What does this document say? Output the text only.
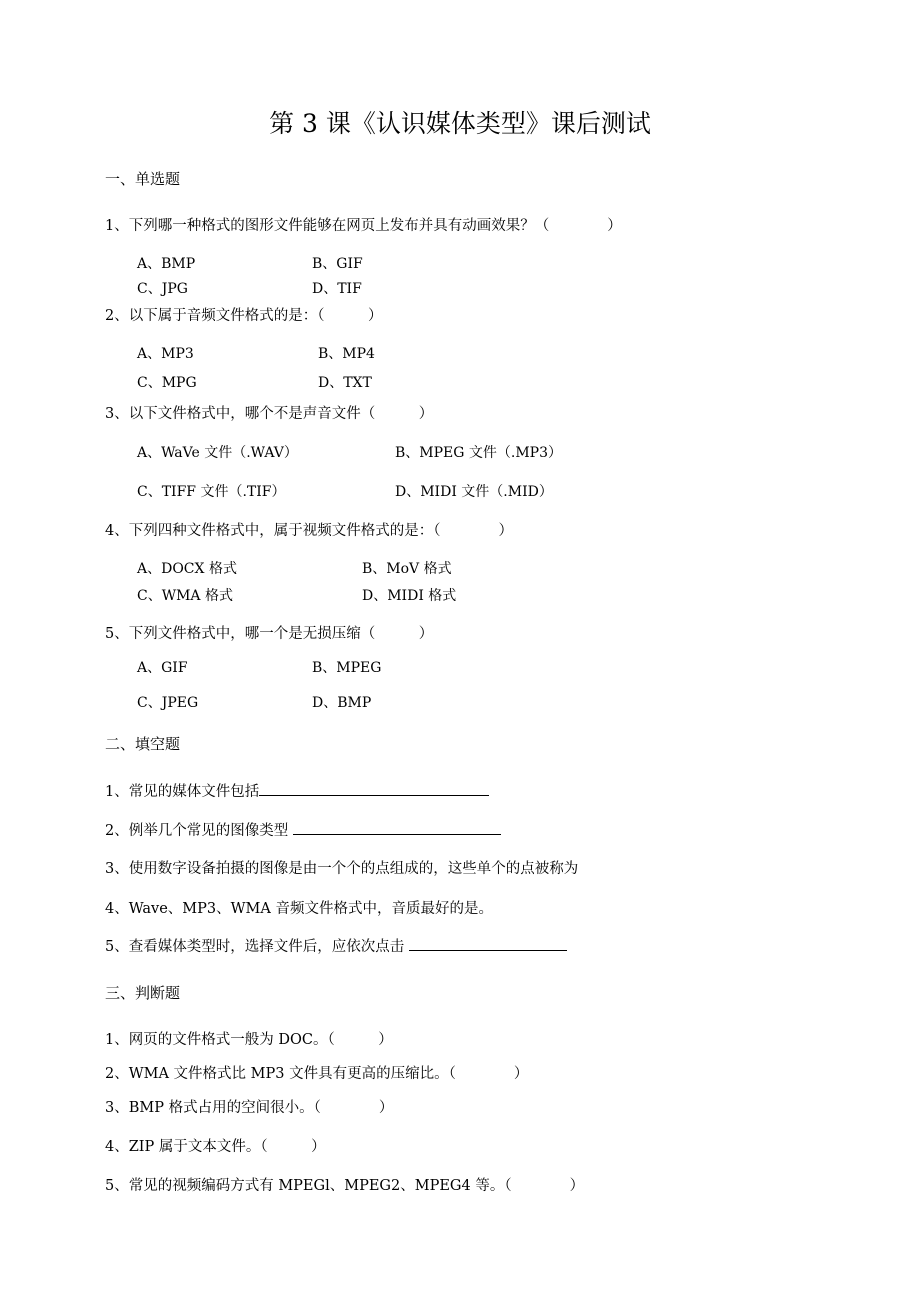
第 3 课《认识媒体类型》课后测试
一、单选题
1、下列哪一种格式的图形文件能够在网页上发布并具有动画效果？（　　　　）
A、BMP	B、GIF
C、JPG	D、TIF
2、以下属于音频文件格式的是：（　　　）
A、MP3	B、MP4
C、MPG	D、TXT
3、以下文件格式中，哪个不是声音文件（　　　）
A、WaVe 文件（.WAV）	B、MPEG 文件（.MP3）
C、TIFF 文件（.TIF）	D、MIDI 文件（.MID）
4、下列四种文件格式中，属于视频文件格式的是：（　　　　）
A、DOCX 格式	B、MoV 格式
C、WMA 格式	D、MIDI 格式
5、下列文件格式中，哪一个是无损压缩（　　　）
A、GIF	B、MPEG
C、JPEG	D、BMP
二、填空题
1、常见的媒体文件包括
2、例举几个常见的图像类型
3、使用数字设备拍摄的图像是由一个个的点组成的，这些单个的点被称为
4、Wave、MP3、WMA 音频文件格式中，音质最好的是。
5、查看媒体类型时，选择文件后，应依次点击
三、判断题
1、网页的文件格式一般为 DOC。（　　　）
2、WMA 文件格式比 MP3 文件具有更高的压缩比。（　　　　）
3、BMP 格式占用的空间很小。（　　　　）
4、ZIP 属于文本文件。（　　　）
5、常见的视频编码方式有 MPEGl、MPEG2、MPEG4 等。（　　　　）
